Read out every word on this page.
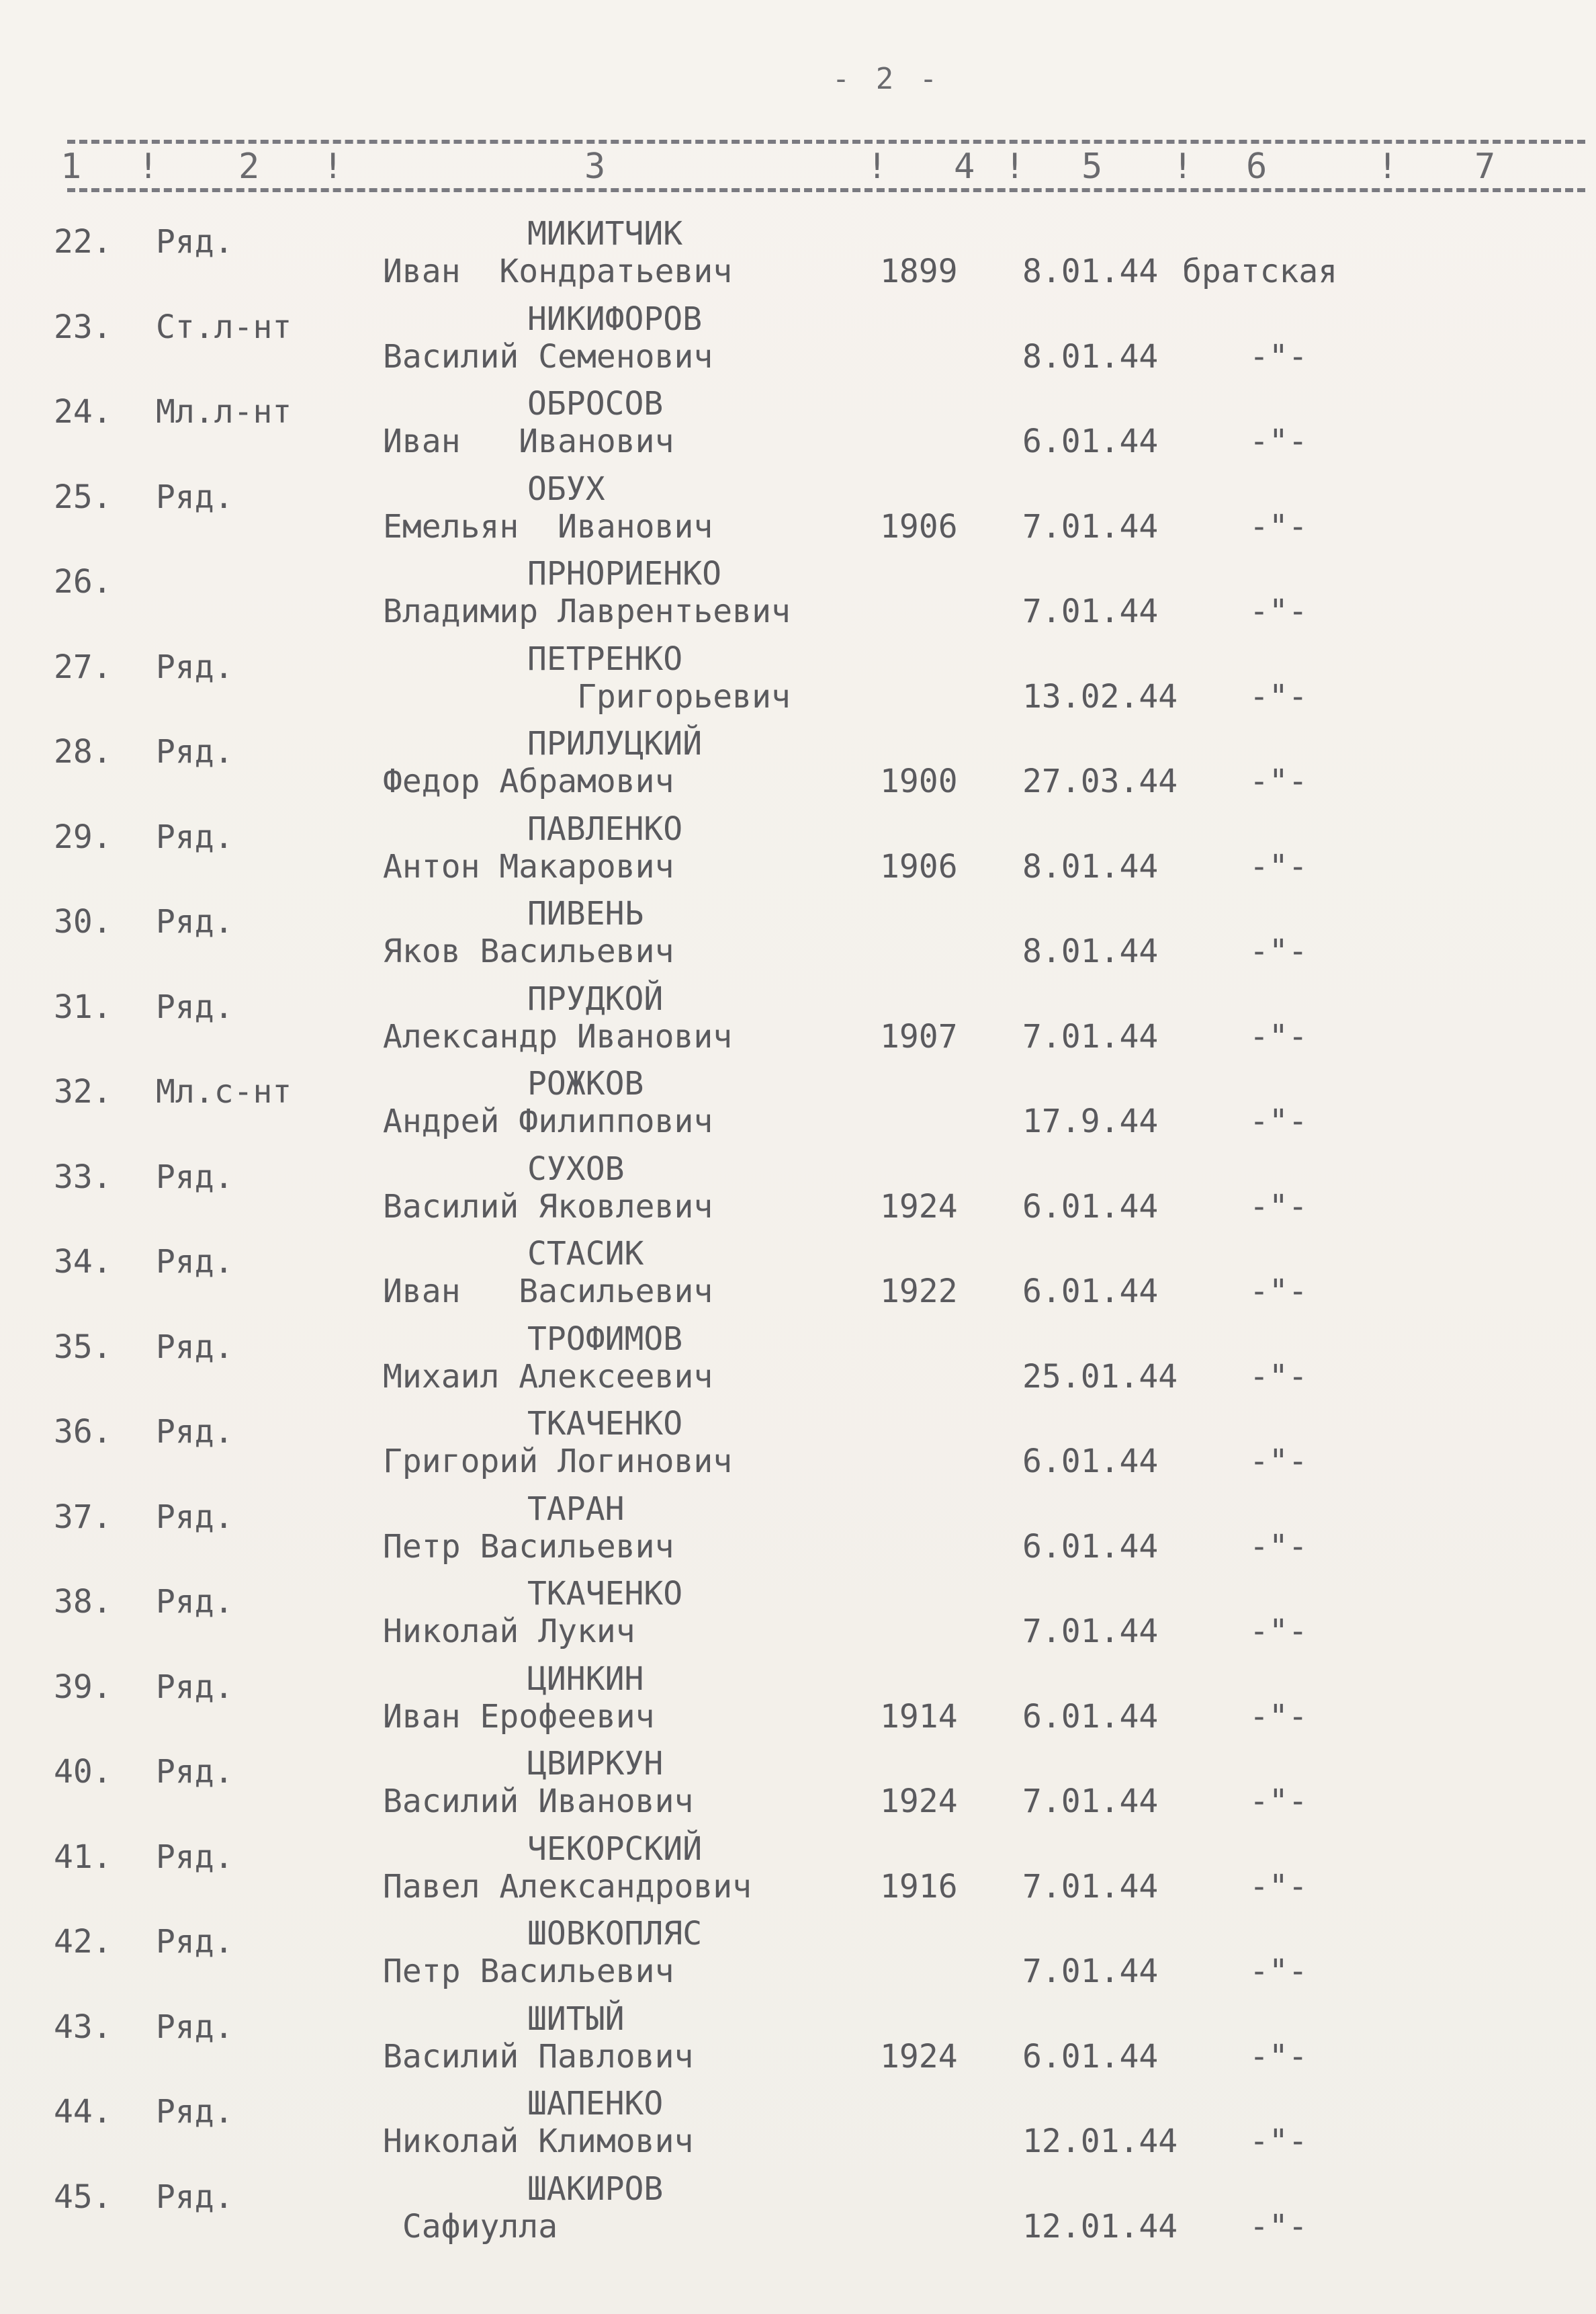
- 2 -
1 ! 2 !	3	! 4 ! 5 ! 6	! 7
22. Ряд.	МИКИТЧИК
Иван  Кондратьевич	1899 8.01.44 братская
23. Ст.л-нт	НИКИФОРОВ
Василий Семенович	8.01.44	-"-
24. Мл.л-нт	ОБРОСОВ
Иван   Иванович	6.01.44	-"-
25. Ряд.	ОБУХ
Емельян  Иванович	1906 7.01.44	-"-
26.	ПРНОРИЕНКО
Владимир Лаврентьевич	7.01.44	-"-
27. Ряд.	ПЕТРЕНКО
Григорьевич	13.02.44 -"-
28. Ряд.	ПРИЛУЦКИЙ
Федор Абрамович	1900 27.03.44 -"-
29. Ряд.	ПАВЛЕНКО
Антон Макарович	1906 8.01.44	-"-
30. Ряд.	ПИВЕНЬ
Яков Васильевич	8.01.44	-"-
31. Ряд.	ПРУДКОЙ
Александр Иванович	1907 7.01.44	-"-
32. Мл.с-нт	РОЖКОВ
Андрей Филиппович	17.9.44	-"-
33. Ряд.	СУХОВ
Василий Яковлевич	1924 6.01.44	-"-
34. Ряд.	СТАСИК
Иван   Васильевич	1922 6.01.44	-"-
35. Ряд.	ТРОФИМОВ
Михаил Алексеевич	25.01.44 -"-
36. Ряд.	ТКАЧЕНКО
Григорий Логинович	6.01.44	-"-
37. Ряд.	ТАРАН
Петр Васильевич	6.01.44	-"-
38. Ряд.	ТКАЧЕНКО
Николай Лукич	7.01.44	-"-
39. Ряд.	ЦИНКИН
Иван Ерофеевич	1914 6.01.44	-"-
40. Ряд.	ЦВИРКУН
Василий Иванович	1924 7.01.44	-"-
41. Ряд.	ЧЕКОРСКИЙ
Павел Александрович	1916 7.01.44	-"-
42. Ряд.	ШОВКОПЛЯС
Петр Васильевич	7.01.44	-"-
43. Ряд.	ШИТЫЙ
Василий Павлович	1924 6.01.44	-"-
44. Ряд.	ШАПЕНКО
Николай Климович	12.01.44 -"-
45. Ряд.	ШАКИРОВ
Сафиулла	12.01.44 -"-
